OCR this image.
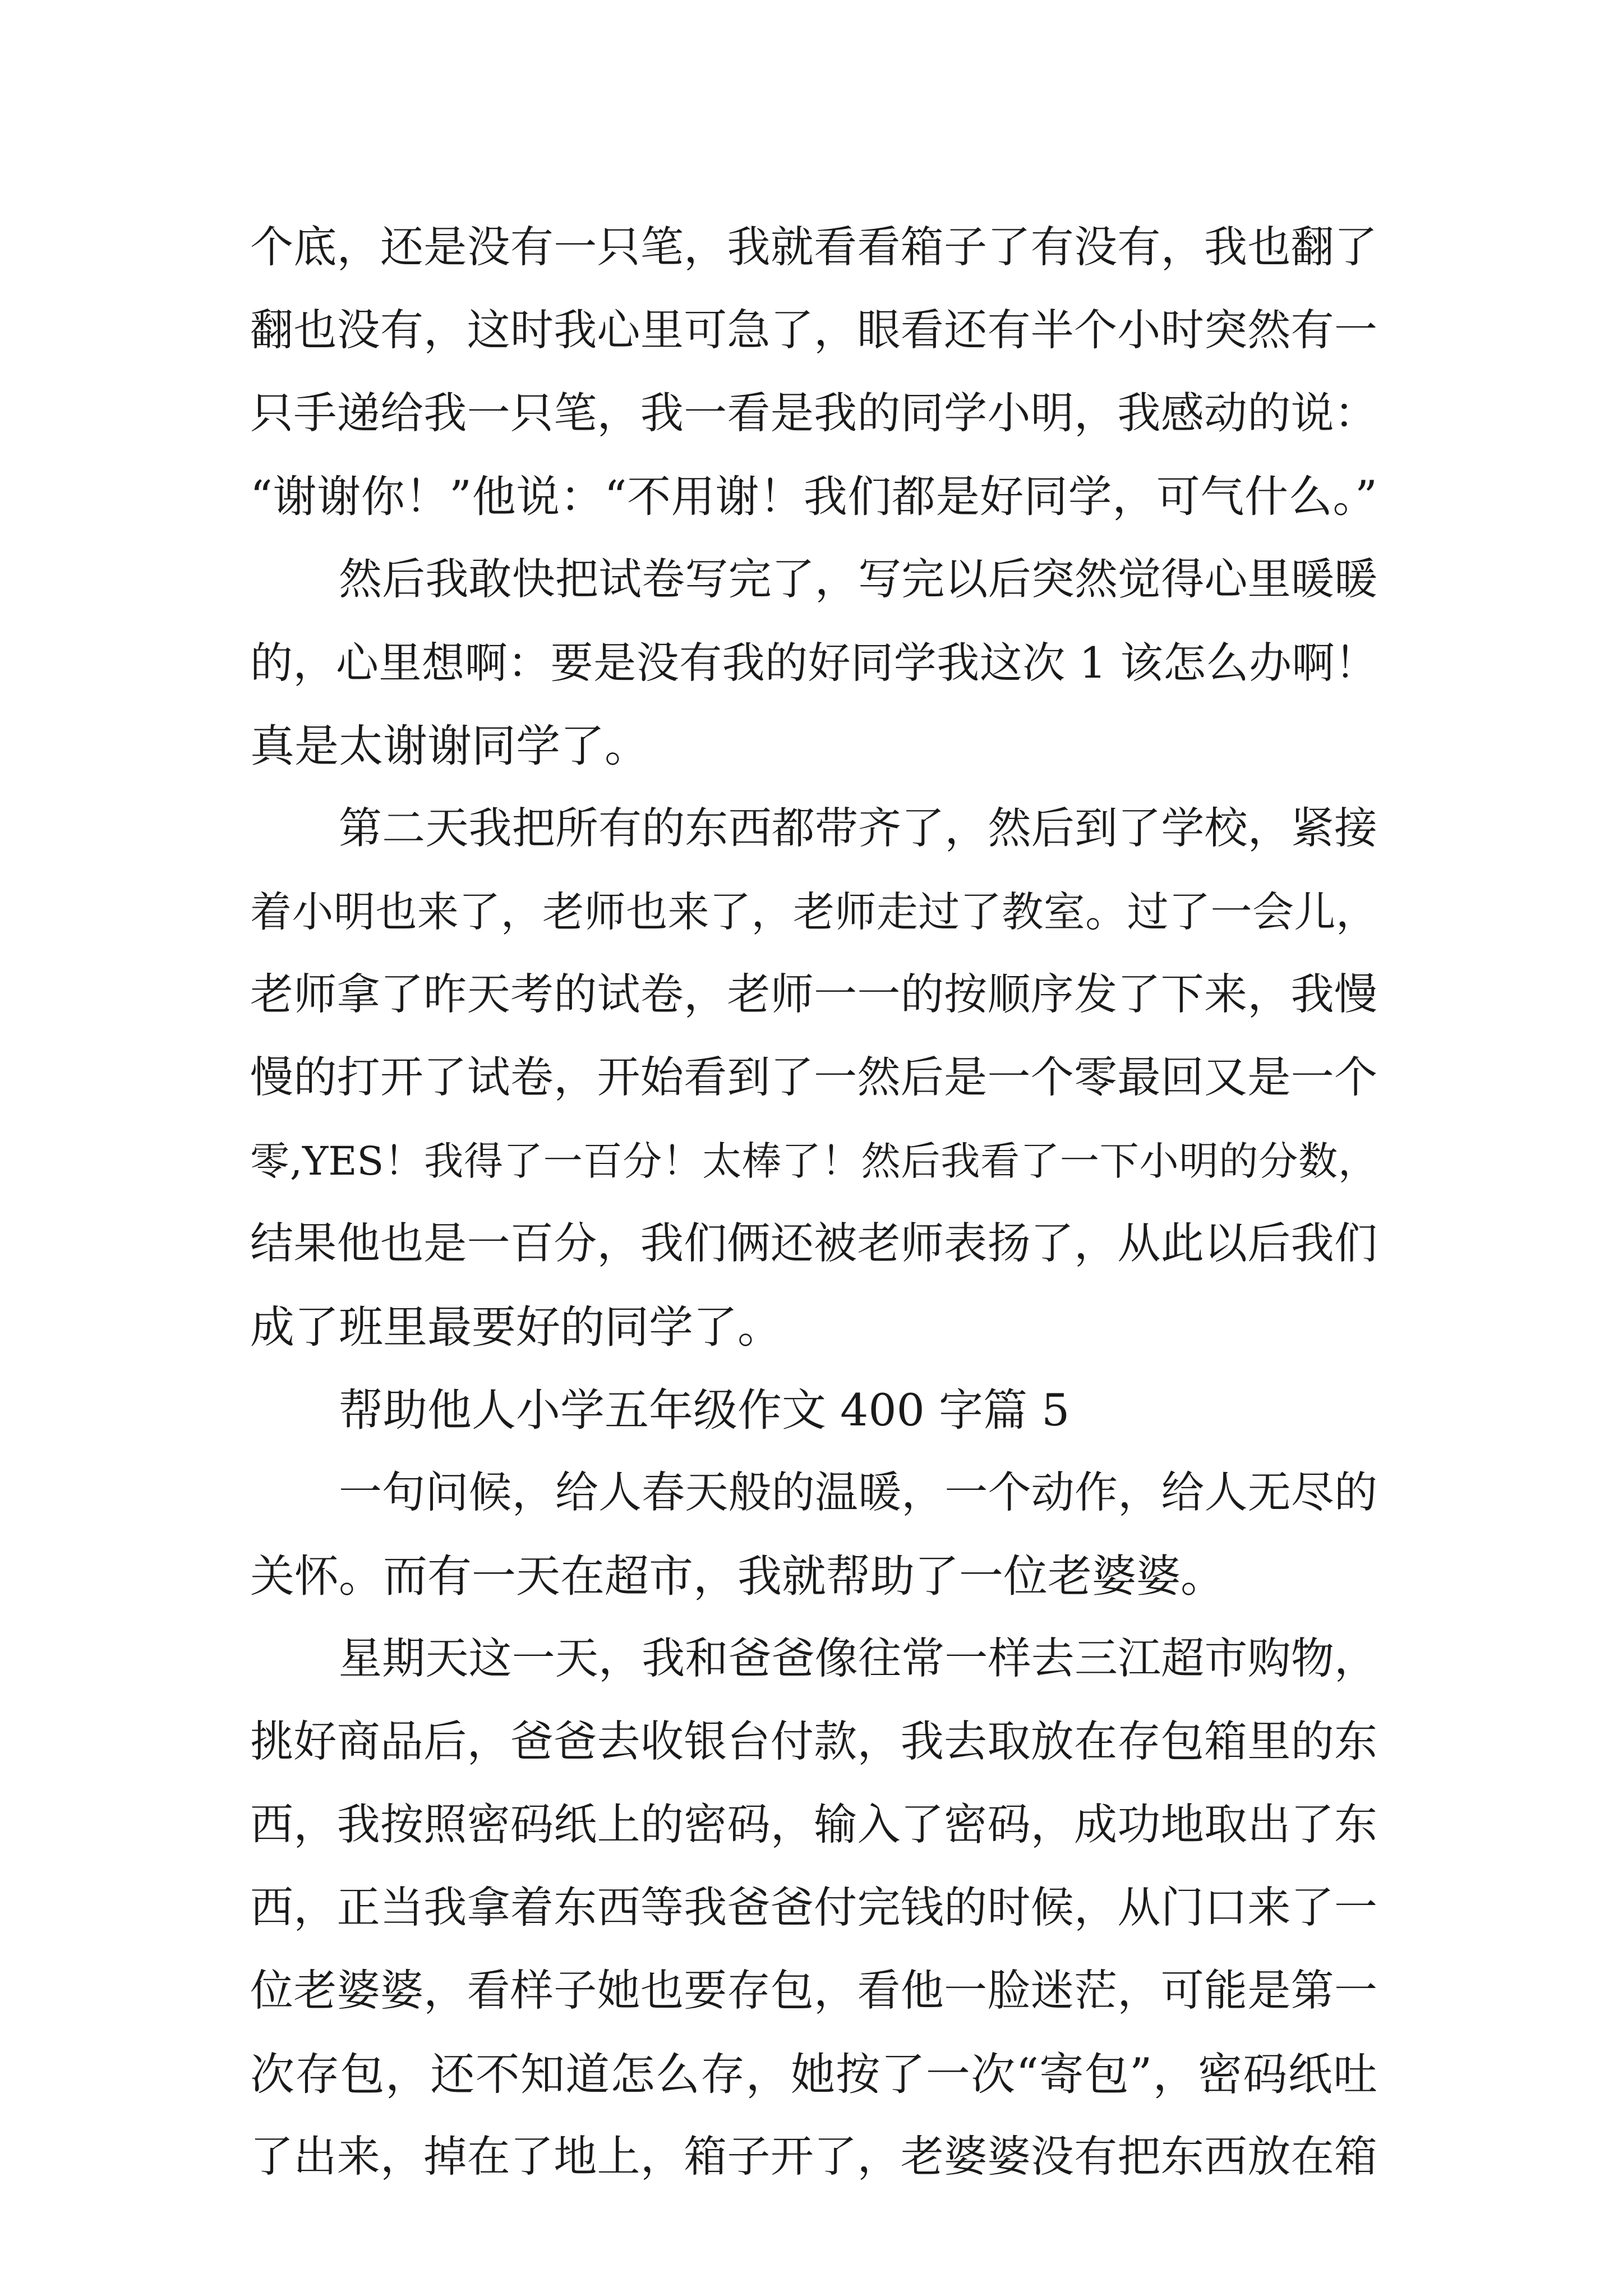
个底，还是没有一只笔，我就看看箱子了有没有，我也翻了
翻也没有，这时我心里可急了，眼看还有半个小时突然有一
只手递给我一只笔，我一看是我的同学小明，我感动的说：
“谢谢你！”他说：“不用谢！我们都是好同学，可气什么。”
然后我敢快把试卷写完了，写完以后突然觉得心里暖暖
的，心里想啊：要是没有我的好同学我这次 1 该怎么办啊！
真是太谢谢同学了。
第二天我把所有的东西都带齐了，然后到了学校，紧接
着小明也来了，老师也来了，老师走过了教室。过了一会儿，
老师拿了昨天考的试卷，老师一一的按顺序发了下来，我慢
慢的打开了试卷，开始看到了一然后是一个零最回又是一个
零,YES！我得了一百分！太棒了！然后我看了一下小明的分数，
结果他也是一百分，我们俩还被老师表扬了，从此以后我们
成了班里最要好的同学了。
帮助他人小学五年级作文 400 字篇 5
一句问候，给人春天般的温暖，一个动作，给人无尽的
关怀。而有一天在超市，我就帮助了一位老婆婆。
星期天这一天，我和爸爸像往常一样去三江超市购物，
挑好商品后，爸爸去收银台付款，我去取放在存包箱里的东
西，我按照密码纸上的密码，输入了密码，成功地取出了东
西，正当我拿着东西等我爸爸付完钱的时候，从门口来了一
位老婆婆，看样子她也要存包，看他一脸迷茫，可能是第一
次存包，还不知道怎么存，她按了一次“寄包”，密码纸吐
了出来，掉在了地上，箱子开了，老婆婆没有把东西放在箱
